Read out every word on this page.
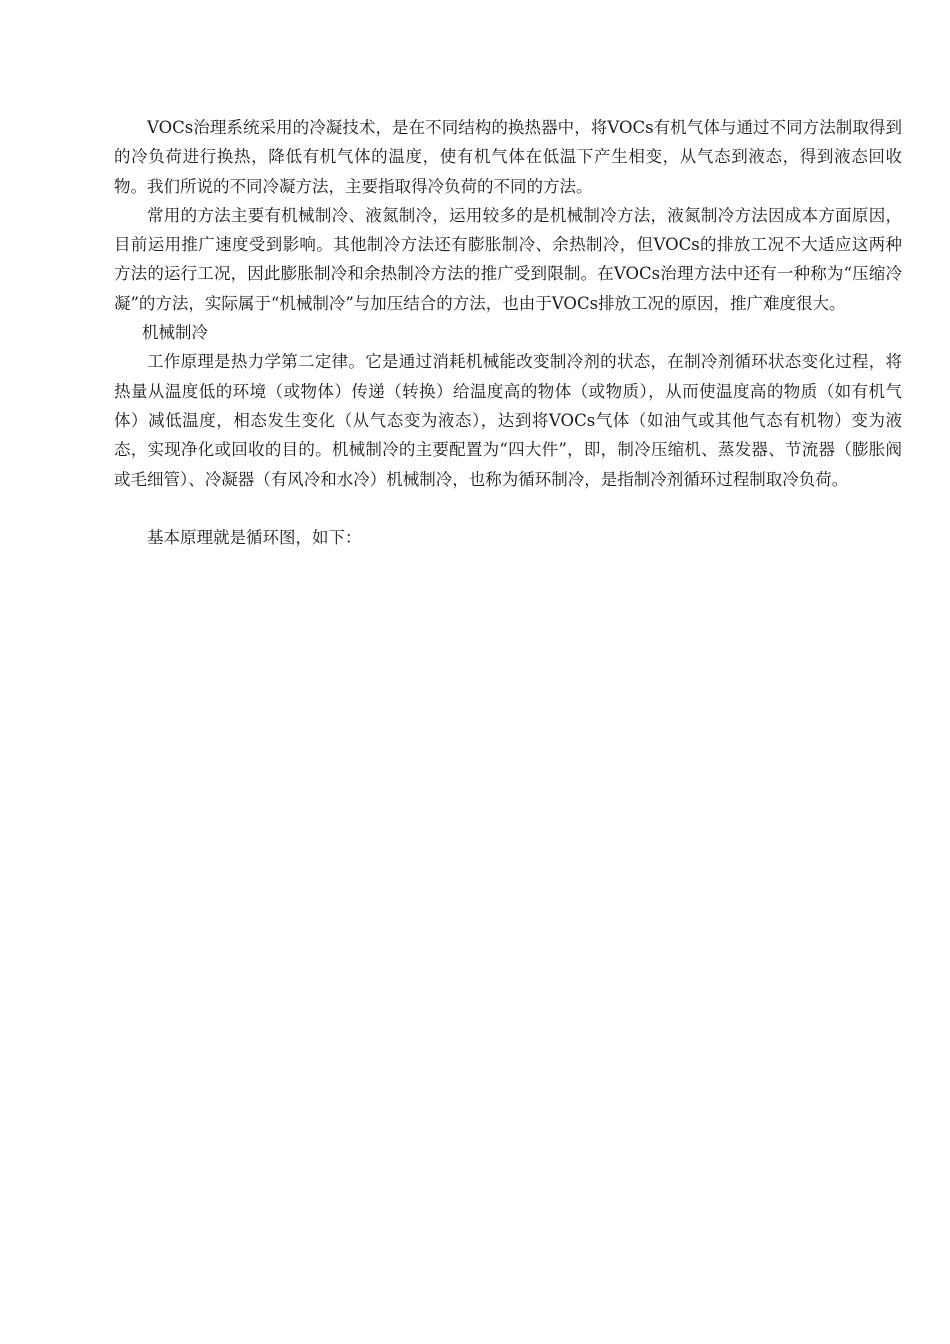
VOCs治理系统采用的冷凝技术，是在不同结构的换热器中，将VOCs有机气体与通过不同方法制取得到的冷负荷进行换热，降低有机气体的温度，使有机气体在低温下产生相变，从气态到液态，得到液态回收物。我们所说的不同冷凝方法，主要指取得冷负荷的不同的方法。

常用的方法主要有机械制冷、液氮制冷，运用较多的是机械制冷方法，液氮制冷方法因成本方面原因，目前运用推广速度受到影响。其他制冷方法还有膨胀制冷、余热制冷，但VOCs的排放工况不大适应这两种方法的运行工况，因此膨胀制冷和余热制冷方法的推广受到限制。在VOCs治理方法中还有一种称为“压缩冷凝”的方法，实际属于“机械制冷”与加压结合的方法，也由于VOCs排放工况的原因，推广难度很大。

机械制冷

工作原理是热力学第二定律。它是通过消耗机械能改变制冷剂的状态，在制冷剂循环状态变化过程，将热量从温度低的环境（或物体）传递（转换）给温度高的物体（或物质），从而使温度高的物质（如有机气体）减低温度，相态发生变化（从气态变为液态），达到将VOCs气体（如油气或其他气态有机物）变为液态，实现净化或回收的目的。机械制冷的主要配置为“四大件”，即，制冷压缩机、蒸发器、节流器（膨胀阀或毛细管）、冷凝器（有风冷和水冷）机械制冷，也称为循环制冷，是指制冷剂循环过程制取冷负荷。

基本原理就是循环图，如下：
